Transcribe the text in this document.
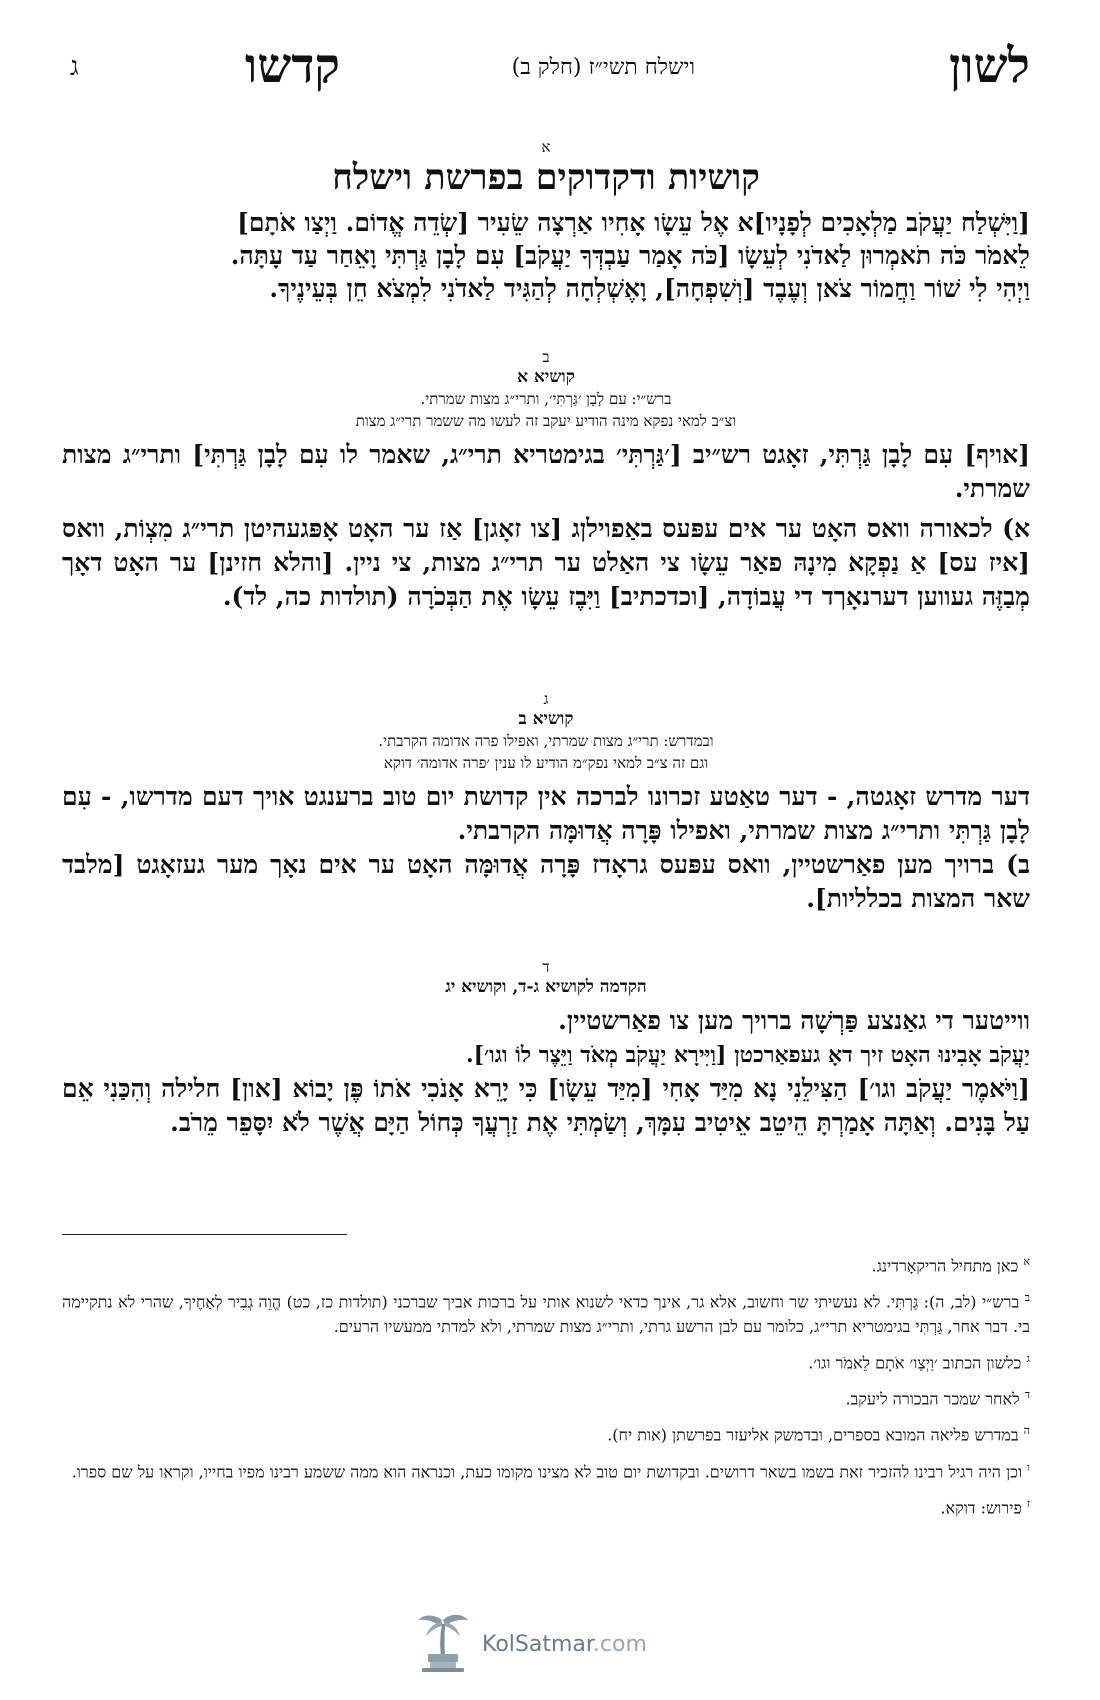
לשון
וישלח תשי״ז (חלק ב)
קדשו
ג

א

קושיות ודקדוקים בפרשת וישלח

[וַיִּשְׁלַח יַעֲקֹב מַלְאָכִים לְפָנָיו]א אֶל עֵשָׂו אָחִיו אַרְצָה שֵׂעִיר [שְׂדֵה אֱדוֹם. וַיְצַו אֹתָם]

לֵאמֹר כֹּה תֹאמְרוּן לַאדֹנִי לְעֵשָׂו [כֹּה אָמַר עַבְדְּךָ יַעֲקֹב] עִם לָבָן גַּרְתִּי וָאֵחַר עַד עָתָּה.

וַיְהִי לִי שׁוֹר וַחֲמוֹר צֹאן וְעֶבֶד [וְשִׁפְחָה], וָאֶשְׁלְחָה לְהַגִּיד לַאדֹנִי לִמְצֹא חֵן בְּעֵינֶיךָ.

ב

קושיא א

ברש״י: עם לָבָן ׳גַּרְתִּי׳, ותרי״ג מצות שמרתי.

וצ״ב למאי נפקא מינה הודיע יעקב זה לעשו מה ששמר תרי״ג מצות

[אויף] עִם לָבָן גַּרְתִּי, זאָגט רש״יב [׳גַּרְתִּי׳ בגימטריא תרי״ג, שאמר לו עִם לָבָן גַּרְתִּי] ותרי״ג מצות שמרתי.

א) לכאורה וואס האָט ער אים עפּעס באַפוילןג [צו זאָגן] אַז ער האָט אָפּגעהיטן תרי״ג מִצְוֹת, וואס [איז עס] אַ נַפְקָא מִינָהּ פאַר עֵשָׂו צי האַלט ער תרי״ג מצות, צי ניין. [והלא חזינן] ער האָט דאָך מְבַזֶּה געווען דערנאָךד די עֲבוֹדָה, [וכדכתיב] וַיִּבֶז עֵשָׂו אֶת הַבְּכֹרָה (תולדות כה, לד).

ג

קושיא ב

ובמדרש: תרי״ג מצות שמרתי, ואפילו פרה אדומה הקרבתי.

וגם זה צ״ב למאי נפק״מ הודיע לו ענין ׳פרה אדומה׳ דוקא

דער מדרש זאָגטה, - דער טאַטע זכרונו לברכה אין קדושת יום טוב ברענגט אויך דעם מדרשו, - עִם לָבָן גַּרְתִּי ותרי״ג מצות שמרתי, ואפילו פָּרָה אֲדוּמָּה הקרבתי.

ב) ברויך מען פאַרשטיין, וואס עפּעס גראָדז פָּרָה אֲדוּמָּה האָט ער אים נאָך מער געזאָגט [מלבד שאר המצות בכלליות].

ד

הקדמה לקושיא ג-ד, וקושיא יג

ווייטער די גאַנצע פַּרְשָׁה ברויך מען צו פאַרשטיין.

יַעֲקֹב אָבִינוּ האָט זיך דאָ געפאַרכטן [וַיִּירָא יַעֲקֹב מְאֹד וַיֵּצֶר לוֹ וגו׳].

[וַיֹּאמֶר יַעֲקֹב וגו׳] הַצִּילֵנִי נָא מִיַּד אָחִי [מִיַּד עֵשָׂו] כִּי יָרֵא אָנֹכִי אֹתוֹ פֶּן יָבוֹא [און] חלילה וְהִכַּנִי אֵם עַל בָּנִים. וְאַתָּה אָמַרְתָּ הֵיטֵב אֵיטִיב עִמָּךְ, וְשַׂמְתִּי אֶת זַרְעֲךָ כְּחוֹל הַיָּם אֲשֶׁר לֹא יִסָּפֵר מֵרֹב.

$^א$ כאן מתחיל הריקאָרדינג.

$^ב$ ברש״י (לב, ה): גַּרְתִּי. לא נעשיתי שר וחשוב, אלא גר, אינך כדאי לשנוא אותי על ברכות אביך שברכני (תולדות כז, כט) הֱוֵה גְבִיר לְאַחֶיךָ, שהרי לא נתקיימה בי. דבר אחר, גַּרְתִּי בגימטריא תרי״ג, כלומר עם לבן הרשע גרתי, ותרי״ג מצות שמרתי, ולא למדתי ממעשיו הרעים.

$^ג$ כלשון הכתוב ׳וַיְצַו׳ אֹתָם לֵאמֹר וגו׳.

$^ד$ לאחר שמכר הבכורה ליעקב.

$^ה$ במדרש פליאה המובא בספרים, ובדמשק אליעזר בפרשתן (אות יח).

$^ו$ וכן היה רגיל רבינו להזכיר זאת בשמו בשאר דרושים. ובקדושת יום טוב לא מצינו מקומו כעת, וכנראה הוא ממה ששמע רבינו מפיו בחייו, וקראו על שם ספרו.

$^ז$ פירוש: דוקא.

KolSatmar.com
